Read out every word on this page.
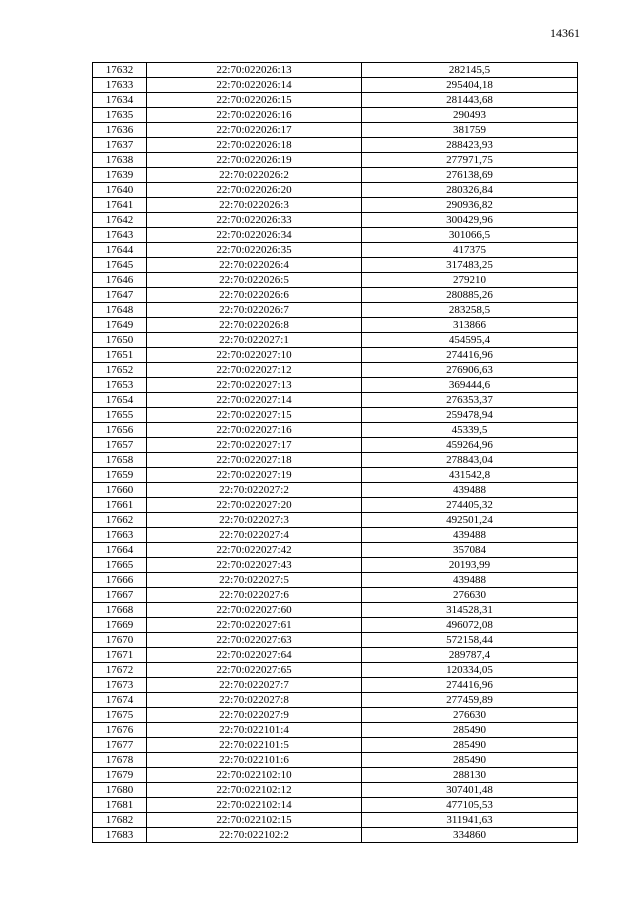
14361
17632	22:70:022026:13	282145,5
17633	22:70:022026:14	295404,18
17634	22:70:022026:15	281443,68
17635	22:70:022026:16	290493
17636	22:70:022026:17	381759
17637	22:70:022026:18	288423,93
17638	22:70:022026:19	277971,75
17639	22:70:022026:2	276138,69
17640	22:70:022026:20	280326,84
17641	22:70:022026:3	290936,82
17642	22:70:022026:33	300429,96
17643	22:70:022026:34	301066,5
17644	22:70:022026:35	417375
17645	22:70:022026:4	317483,25
17646	22:70:022026:5	279210
17647	22:70:022026:6	280885,26
17648	22:70:022026:7	283258,5
17649	22:70:022026:8	313866
17650	22:70:022027:1	454595,4
17651	22:70:022027:10	274416,96
17652	22:70:022027:12	276906,63
17653	22:70:022027:13	369444,6
17654	22:70:022027:14	276353,37
17655	22:70:022027:15	259478,94
17656	22:70:022027:16	45339,5
17657	22:70:022027:17	459264,96
17658	22:70:022027:18	278843,04
17659	22:70:022027:19	431542,8
17660	22:70:022027:2	439488
17661	22:70:022027:20	274405,32
17662	22:70:022027:3	492501,24
17663	22:70:022027:4	439488
17664	22:70:022027:42	357084
17665	22:70:022027:43	20193,99
17666	22:70:022027:5	439488
17667	22:70:022027:6	276630
17668	22:70:022027:60	314528,31
17669	22:70:022027:61	496072,08
17670	22:70:022027:63	572158,44
17671	22:70:022027:64	289787,4
17672	22:70:022027:65	120334,05
17673	22:70:022027:7	274416,96
17674	22:70:022027:8	277459,89
17675	22:70:022027:9	276630
17676	22:70:022101:4	285490
17677	22:70:022101:5	285490
17678	22:70:022101:6	285490
17679	22:70:022102:10	288130
17680	22:70:022102:12	307401,48
17681	22:70:022102:14	477105,53
17682	22:70:022102:15	311941,63
17683	22:70:022102:2	334860
